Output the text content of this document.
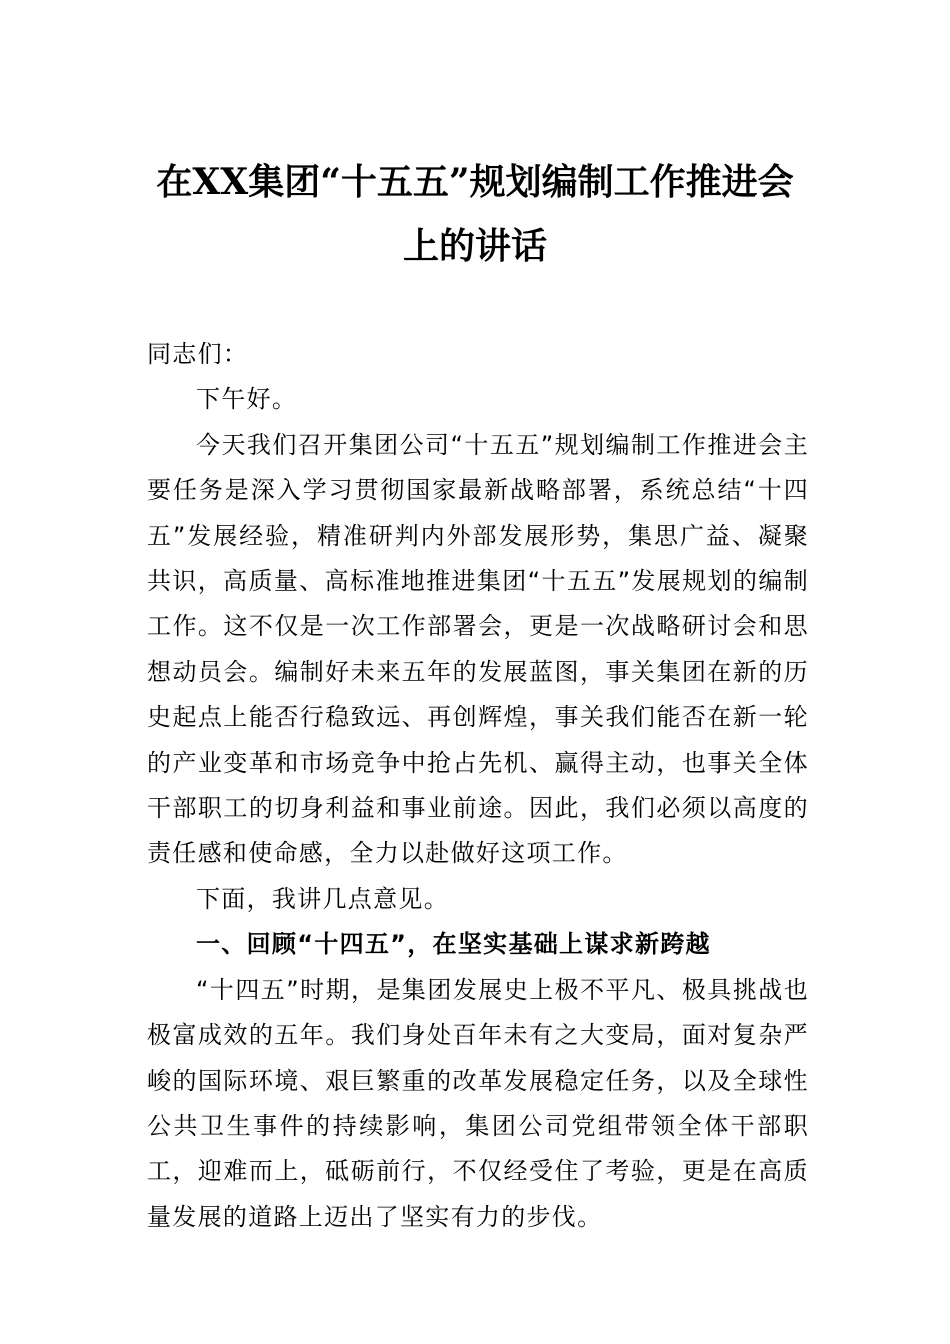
在XX集团“十五五”规划编制工作推进会
上的讲话

同志们：

下午好。

今天我们召开集团公司“十五五”规划编制工作推进会主要任务是深入学习贯彻国家最新战略部署，系统总结“十四五”发展经验，精准研判内外部发展形势，集思广益、凝聚共识，高质量、高标准地推进集团“十五五”发展规划的编制工作。这不仅是一次工作部署会，更是一次战略研讨会和思想动员会。编制好未来五年的发展蓝图，事关集团在新的历史起点上能否行稳致远、再创辉煌，事关我们能否在新一轮的产业变革和市场竞争中抢占先机、赢得主动，也事关全体干部职工的切身利益和事业前途。因此，我们必须以高度的责任感和使命感，全力以赴做好这项工作。

下面，我讲几点意见。

一、回顾“十四五”，在坚实基础上谋求新跨越

“十四五”时期，是集团发展史上极不平凡、极具挑战也极富成效的五年。我们身处百年未有之大变局，面对复杂严峻的国际环境、艰巨繁重的改革发展稳定任务，以及全球性公共卫生事件的持续影响，集团公司党组带领全体干部职工，迎难而上，砥砺前行，不仅经受住了考验，更是在高质量发展的道路上迈出了坚实有力的步伐。
